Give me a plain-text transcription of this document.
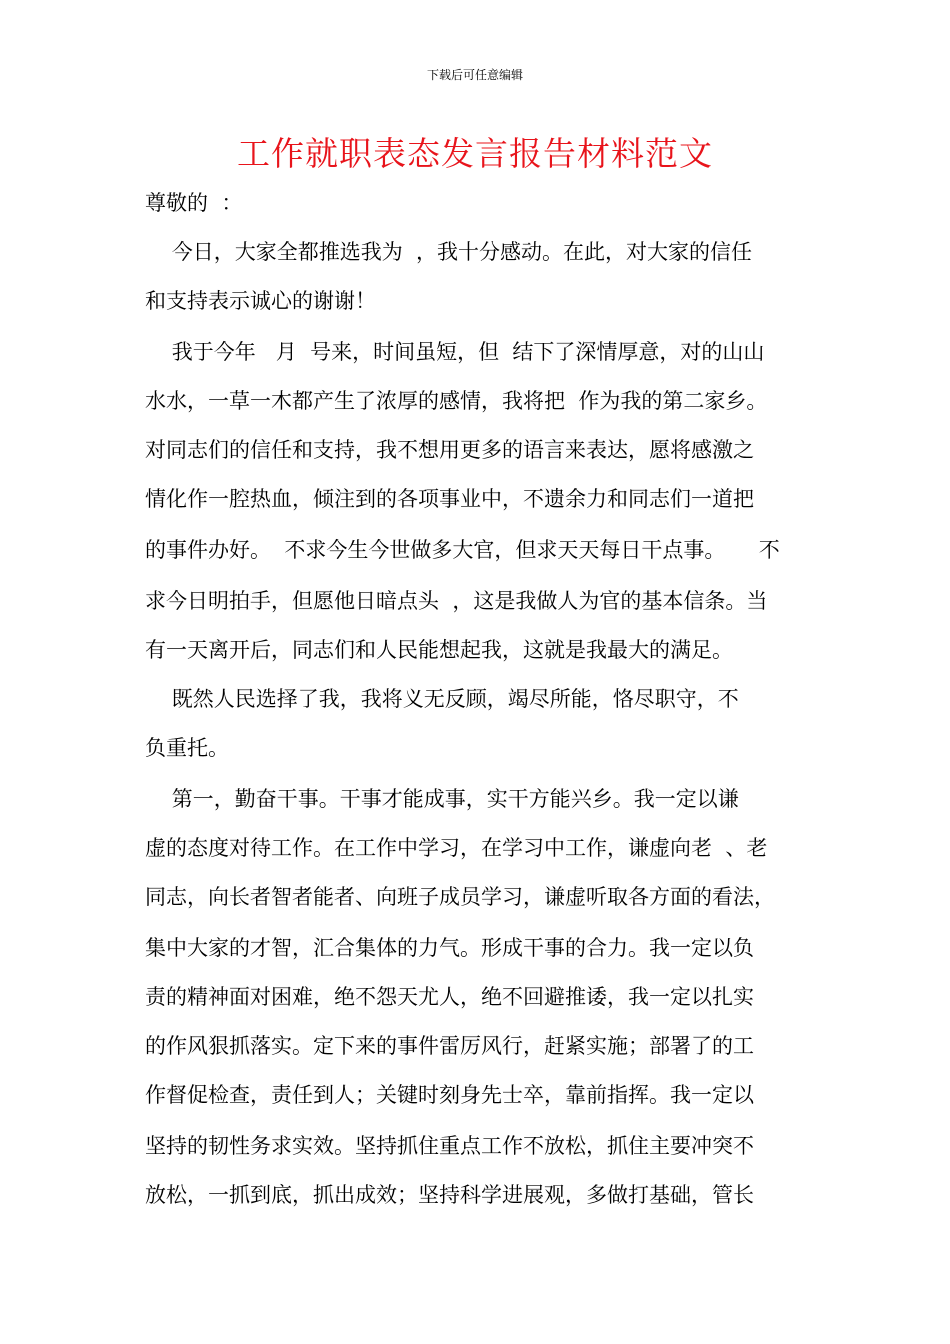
下载后可任意编辑
工作就职表态发言报告材料范文
尊敬的  ：
今日，大家全都推选我为  ，我十分感动。在此，对大家的信任
和支持表示诚心的谢谢！
我于今年   月  号来，时间虽短，但  结下了深情厚意，对的山山
水水，一草一木都产生了浓厚的感情，我将把  作为我的第二家乡。
对同志们的信任和支持，我不想用更多的语言来表达，愿将感激之
情化作一腔热血，倾注到的各项事业中，不遗余力和同志们一道把
的事件办好。  不求今生今世做多大官，但求天天每日干点事。     不
求今日明拍手，但愿他日暗点头  ，这是我做人为官的基本信条。当
有一天离开后，同志们和人民能想起我，这就是我最大的满足。
既然人民选择了我，我将义无反顾，竭尽所能，恪尽职守，不
负重托。
第一，勤奋干事。干事才能成事，实干方能兴乡。我一定以谦
虚的态度对待工作。在工作中学习，在学习中工作，谦虚向老  、老
同志，向长者智者能者、向班子成员学习，谦虚听取各方面的看法，
集中大家的才智，汇合集体的力气。形成干事的合力。我一定以负
责的精神面对困难，绝不怨天尤人，绝不回避推诿，我一定以扎实
的作风狠抓落实。定下来的事件雷厉风行，赶紧实施；部署了的工
作督促检查，责任到人；关键时刻身先士卒，靠前指挥。我一定以
坚持的韧性务求实效。坚持抓住重点工作不放松，抓住主要冲突不
放松，一抓到底，抓出成效；坚持科学进展观，多做打基础，管长
